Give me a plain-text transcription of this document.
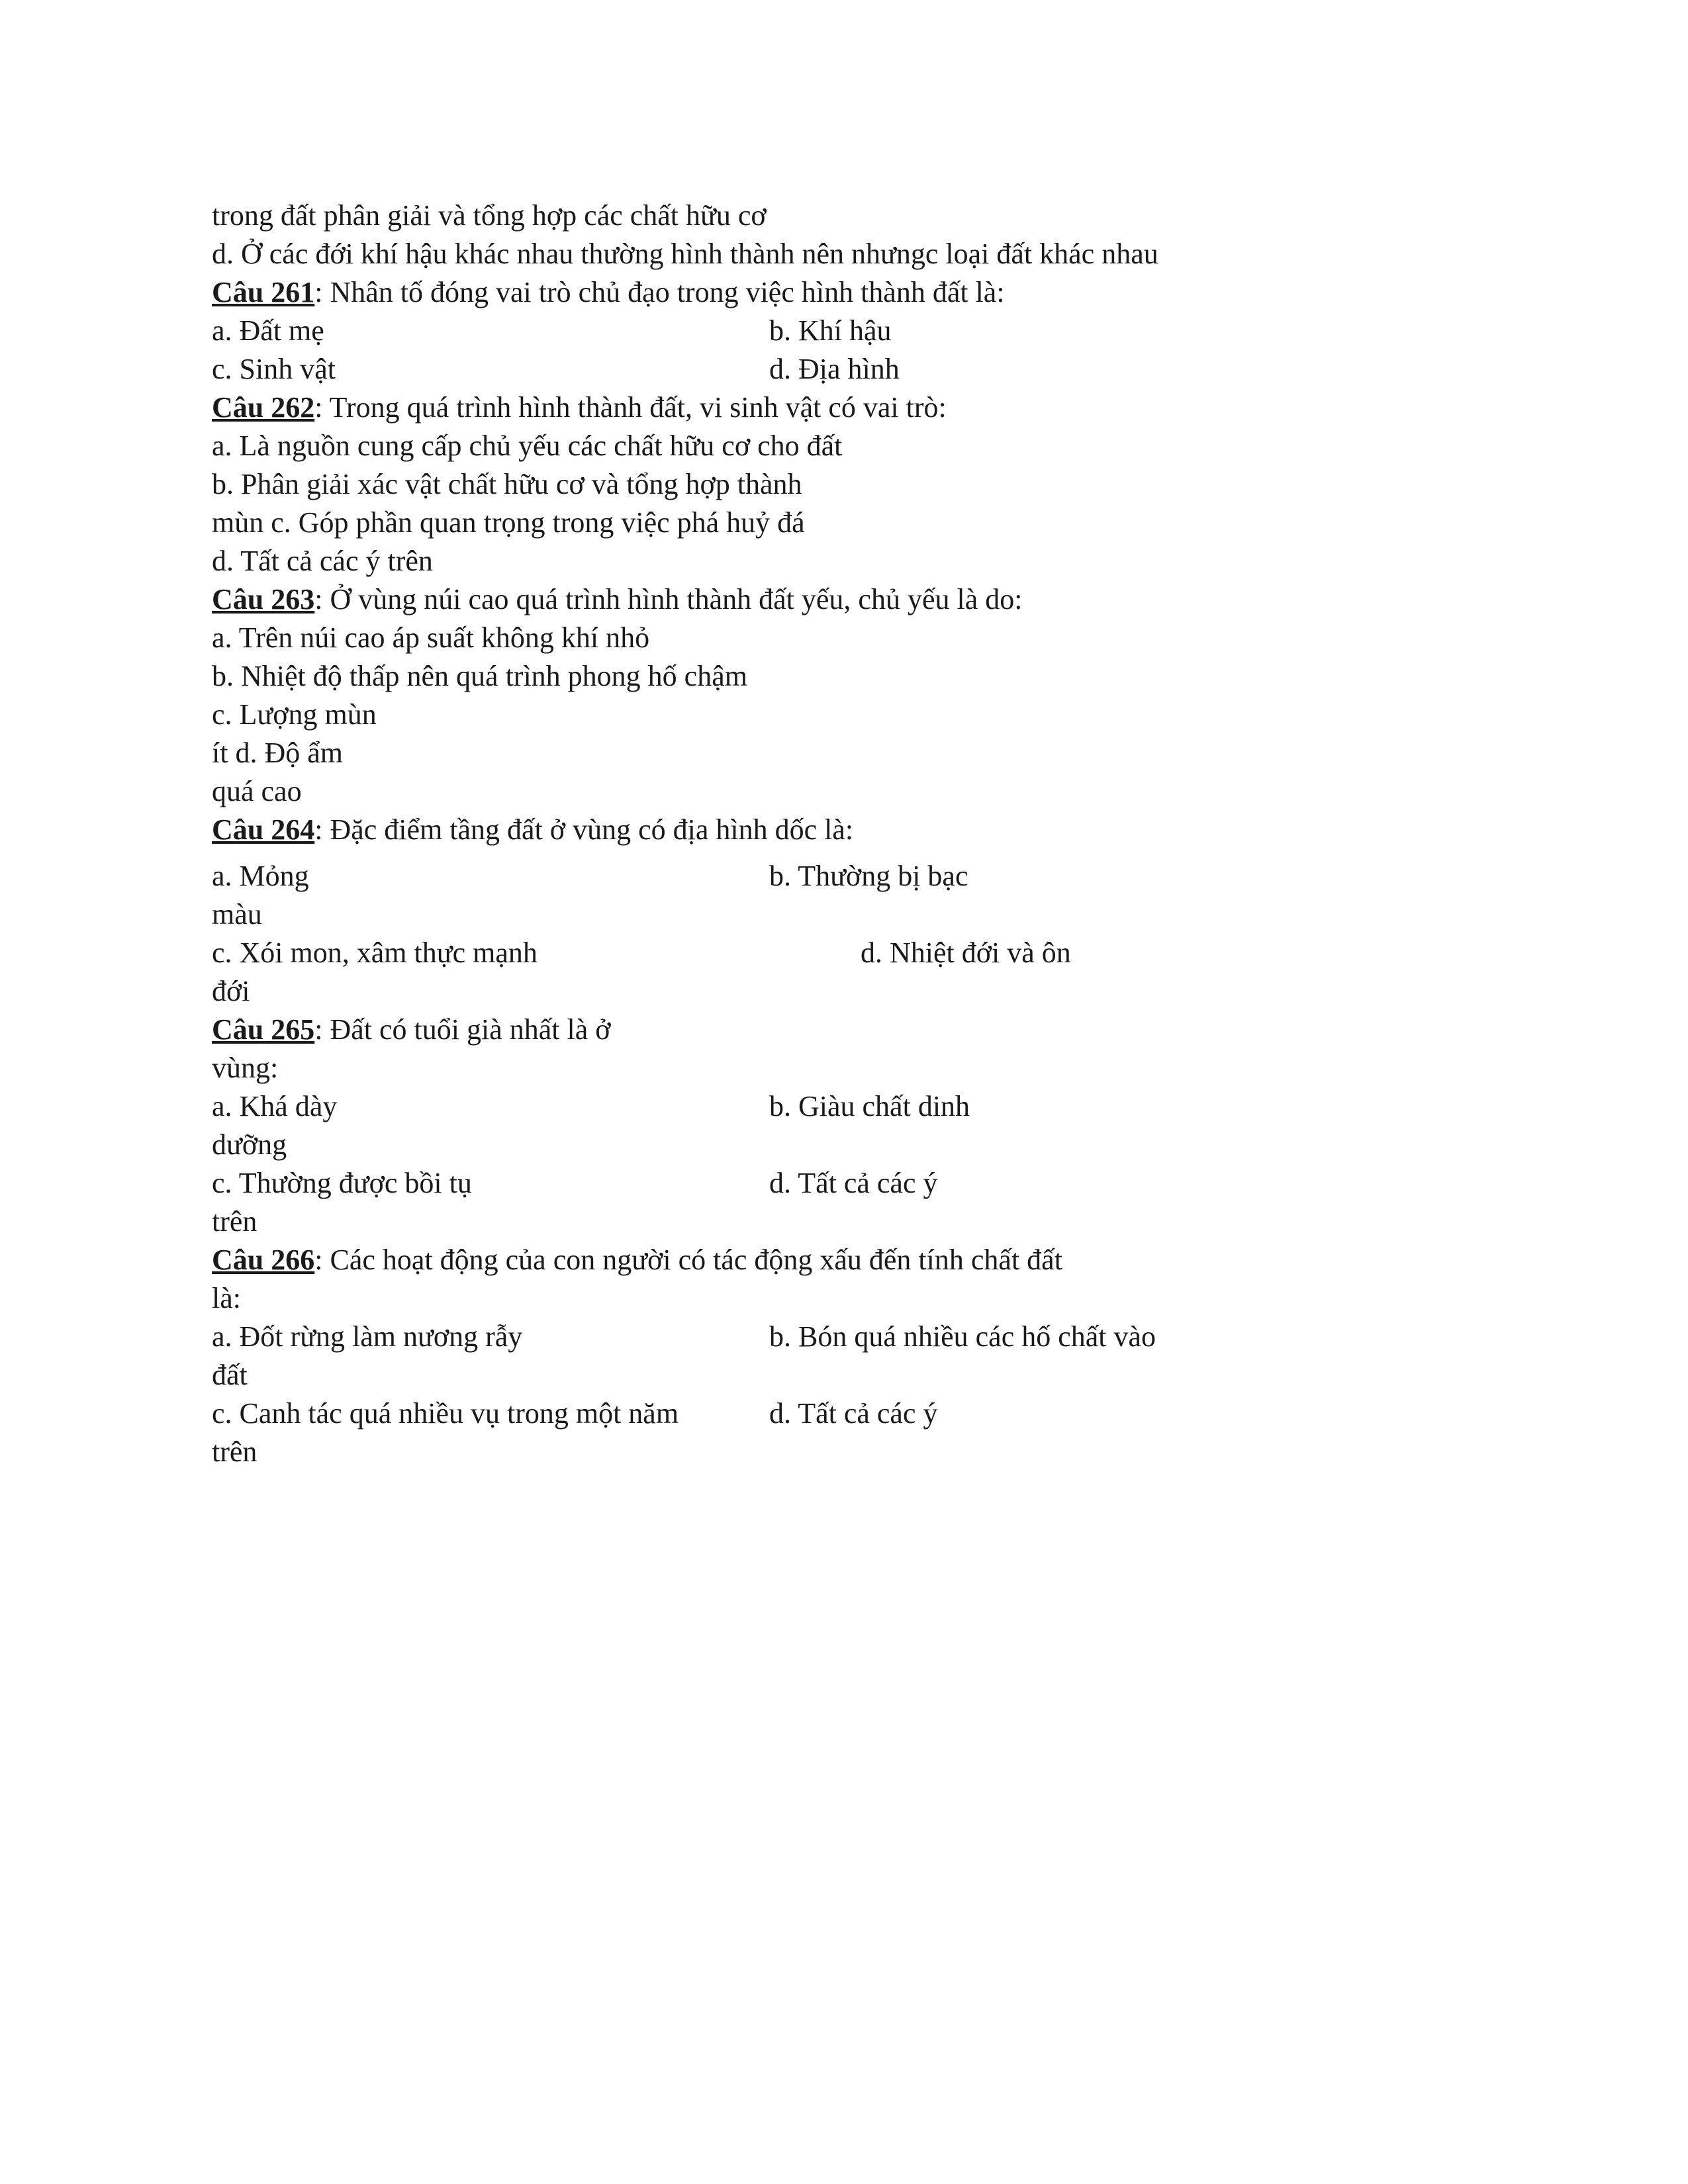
trong đất phân giải và tổng hợp các chất hữu cơ
d. Ở các đới khí hậu khác nhau thường hình thành nên nhưngc loại đất khác nhau
Câu 261: Nhân tố đóng vai trò chủ đạo trong việc hình thành đất là:
a. Đất mẹ	b. Khí hậu
c. Sinh vật	d. Địa hình
Câu 262: Trong quá trình hình thành đất, vi sinh vật có vai trò:
a. Là nguồn cung cấp chủ yếu các chất hữu cơ cho đất
b. Phân giải xác vật chất hữu cơ và tổng hợp thành
mùn c. Góp phần quan trọng trong việc phá huỷ đá
d. Tất cả các ý trên
Câu 263: Ở vùng núi cao quá trình hình thành đất yếu, chủ yếu là do:
a. Trên núi cao áp suất không khí nhỏ
b. Nhiệt độ thấp nên quá trình phong hố chậm
c. Lượng mùn
ít d. Độ ẩm
quá cao
Câu 264: Đặc điểm tầng đất ở vùng có địa hình dốc là:
a. Mỏng	b. Thường bị bạc
màu
c. Xói mon, xâm thực mạnh	d. Nhiệt đới và ôn
đới
Câu 265: Đất có tuổi già nhất là ở
vùng:
a. Khá dày	b. Giàu chất dinh
dưỡng
c. Thường được bồi tụ	d. Tất cả các ý
trên
Câu 266: Các hoạt động của con người có tác động xấu đến tính chất đất
là:
a. Đốt rừng làm nương rẫy	b. Bón quá nhiều các hố chất vào
đất
c. Canh tác quá nhiều vụ trong một năm	d. Tất cả các ý
trên
